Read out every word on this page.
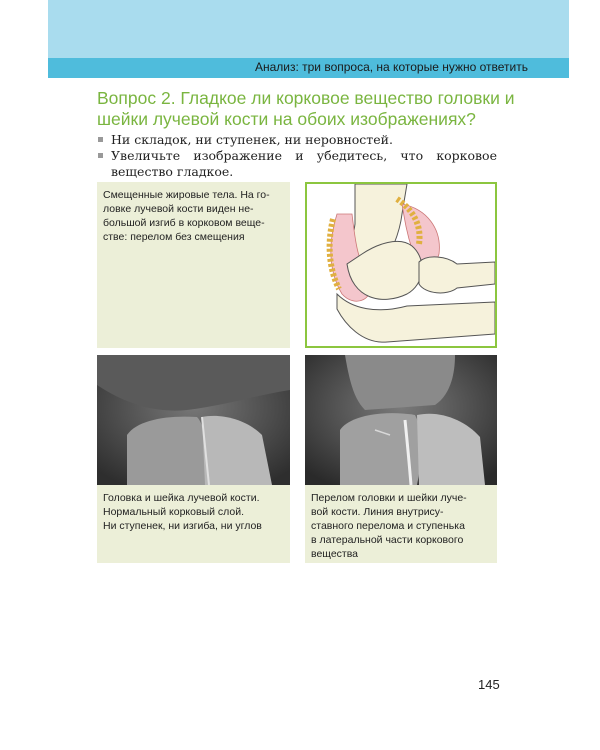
Анализ: три вопроса, на которые нужно ответить
Вопрос 2. Гладкое ли корковое вещество головки и шейки лучевой кости на обоих изображениях?
Ни складок, ни ступенек, ни неровностей.
Увеличьте изображение и убедитесь, что корковое вещество гладкое.
Смещенные жировые тела. На го-
ловке лучевой кости виден не-
большой изгиб в корковом веще-
стве: перелом без смещения
Головка и шейка лучевой кости.
Нормальный корковый слой.
Ни ступенек, ни изгиба, ни углов
Перелом головки и шейки луче-
вой кости. Линия внутрису-
ставного перелома и ступенька
в латеральной части коркового
вещества
145
